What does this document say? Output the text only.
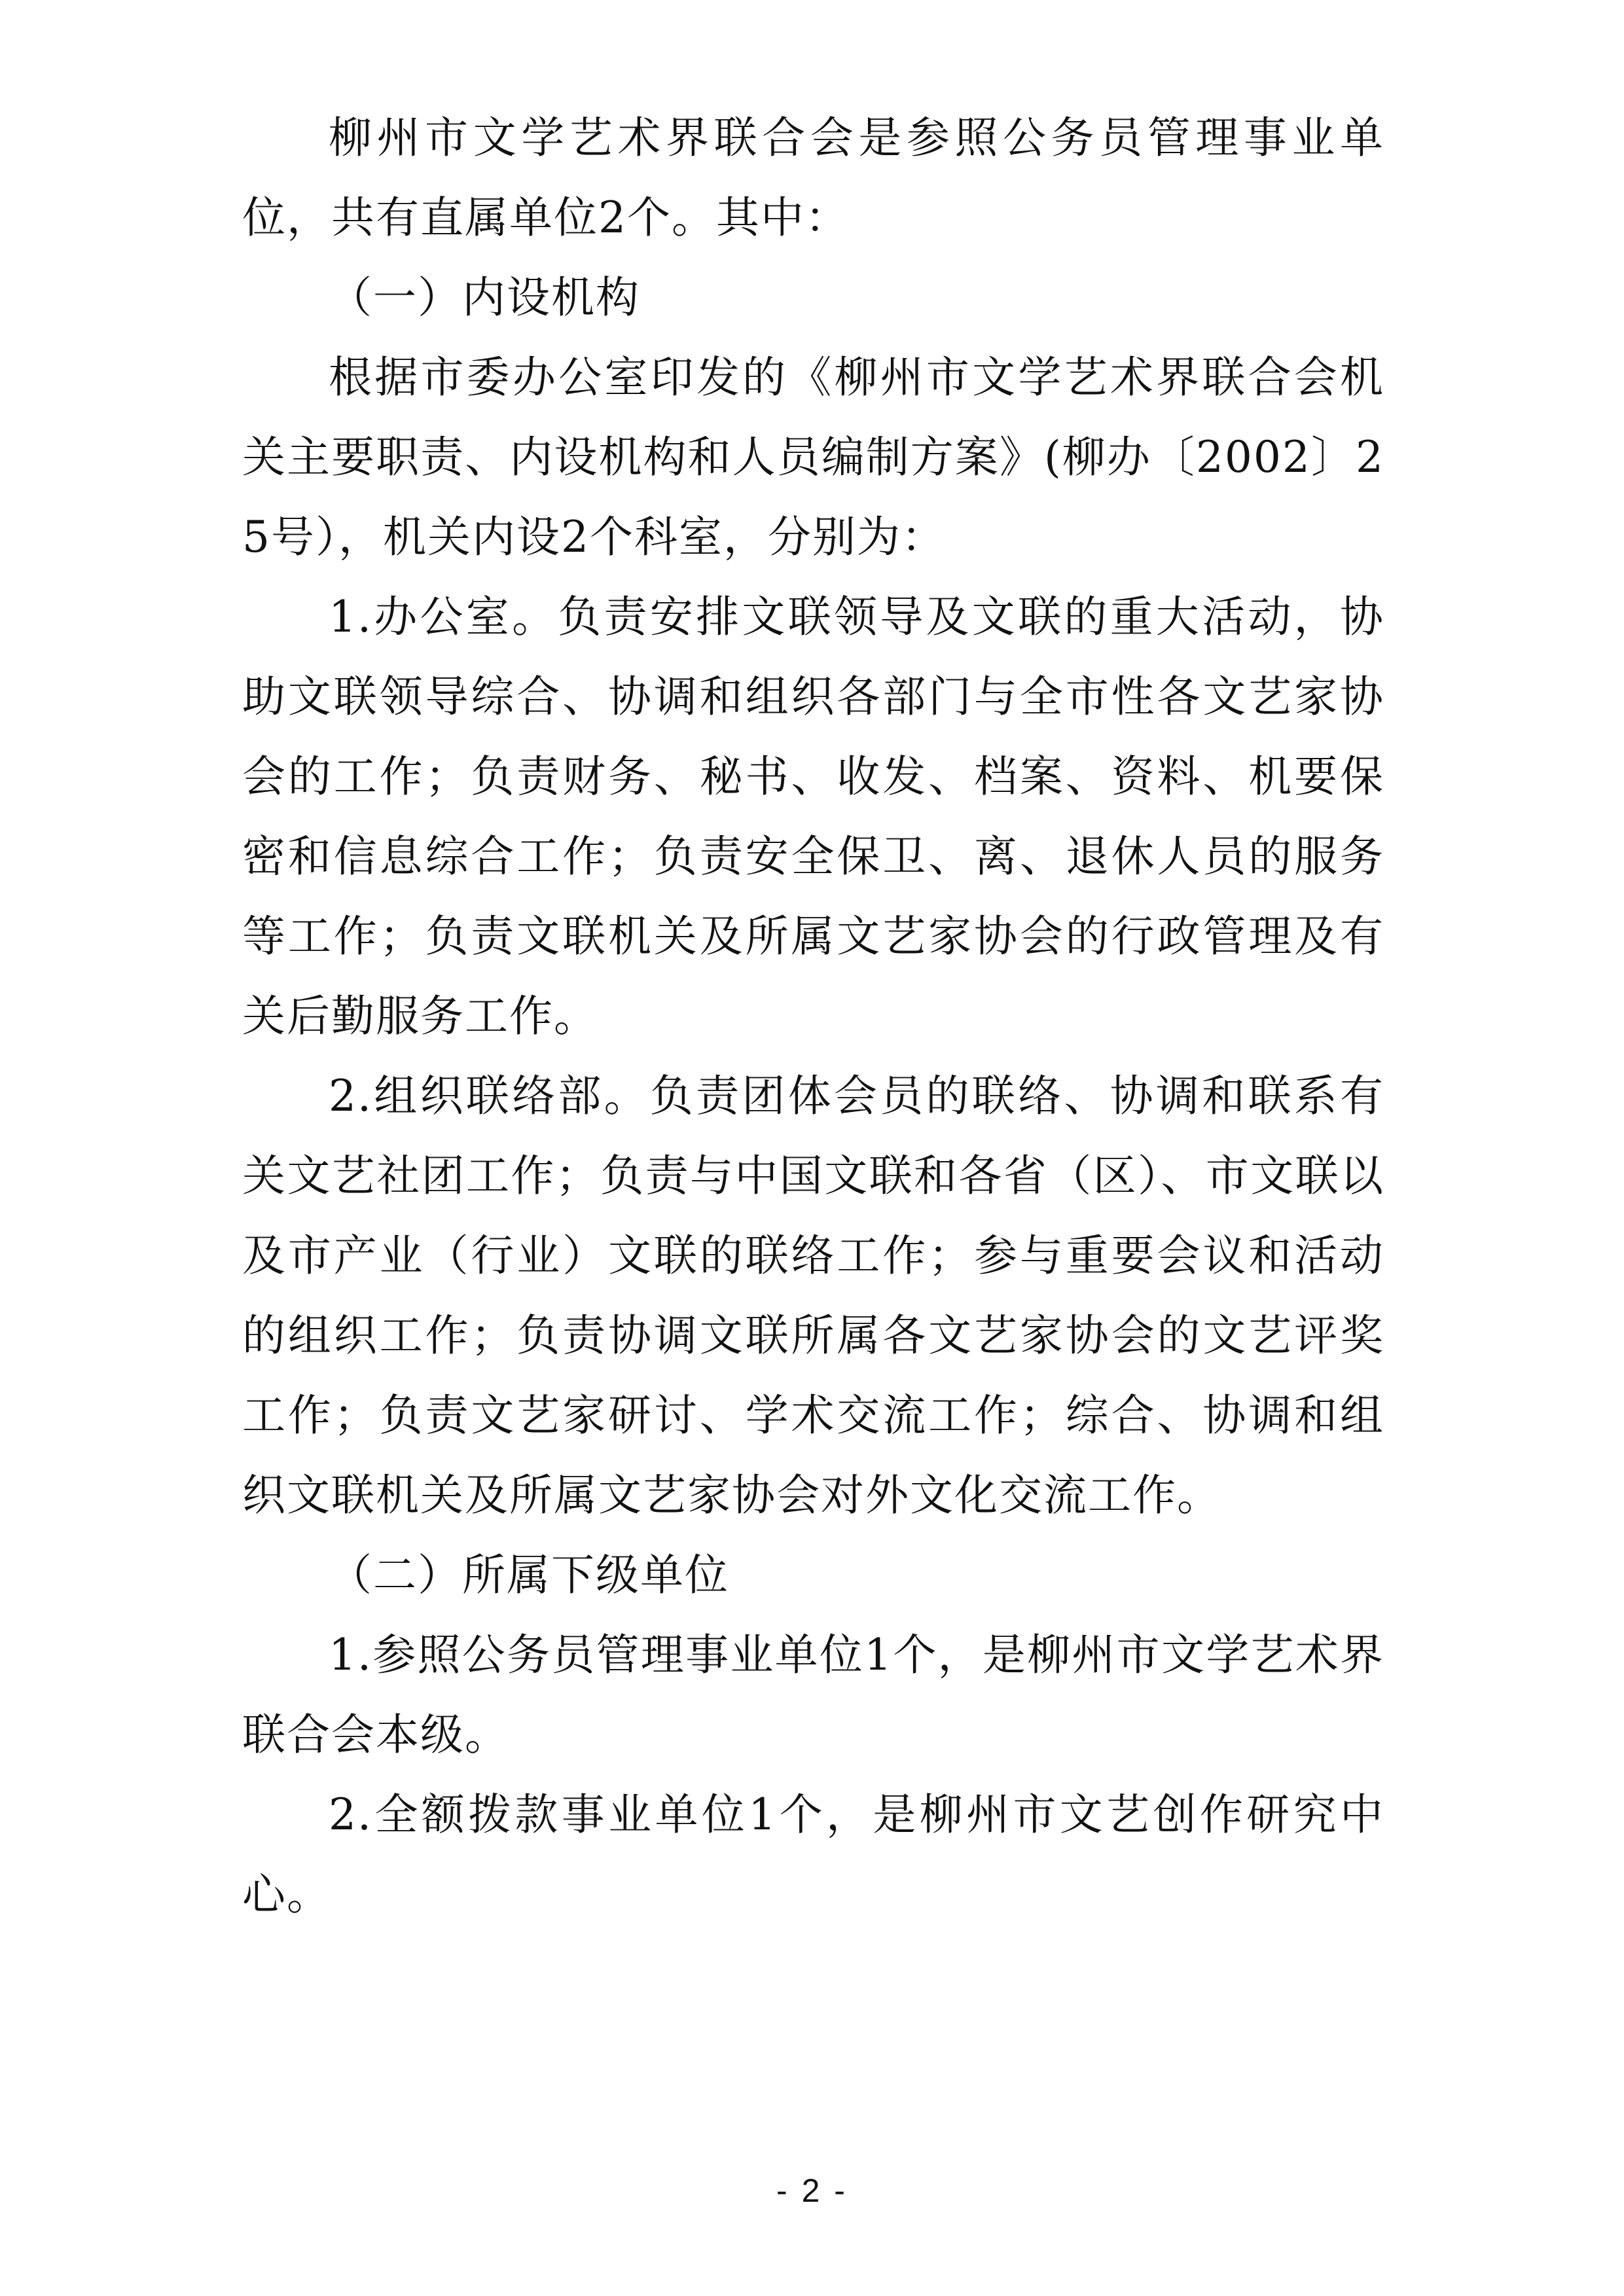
柳州市文学艺术界联合会是参照公务员管理事业单位，共有直属单位2个。其中：

（一）内设机构

根据市委办公室印发的《柳州市文学艺术界联合会机关主要职责、内设机构和人员编制方案》(柳办〔2002〕25号），机关内设2个科室，分别为：

1.办公室。负责安排文联领导及文联的重大活动，协助文联领导综合、协调和组织各部门与全市性各文艺家协会的工作；负责财务、秘书、收发、档案、资料、机要保密和信息综合工作；负责安全保卫、离、退休人员的服务等工作；负责文联机关及所属文艺家协会的行政管理及有关后勤服务工作。

2.组织联络部。负责团体会员的联络、协调和联系有关文艺社团工作；负责与中国文联和各省（区）、市文联以及市产业（行业）文联的联络工作；参与重要会议和活动的组织工作；负责协调文联所属各文艺家协会的文艺评奖工作；负责文艺家研讨、学术交流工作；综合、协调和组织文联机关及所属文艺家协会对外文化交流工作。

（二）所属下级单位

1.参照公务员管理事业单位1个，是柳州市文学艺术界联合会本级。

2.全额拨款事业单位1个，是柳州市文艺创作研究中心。

- 2 -
